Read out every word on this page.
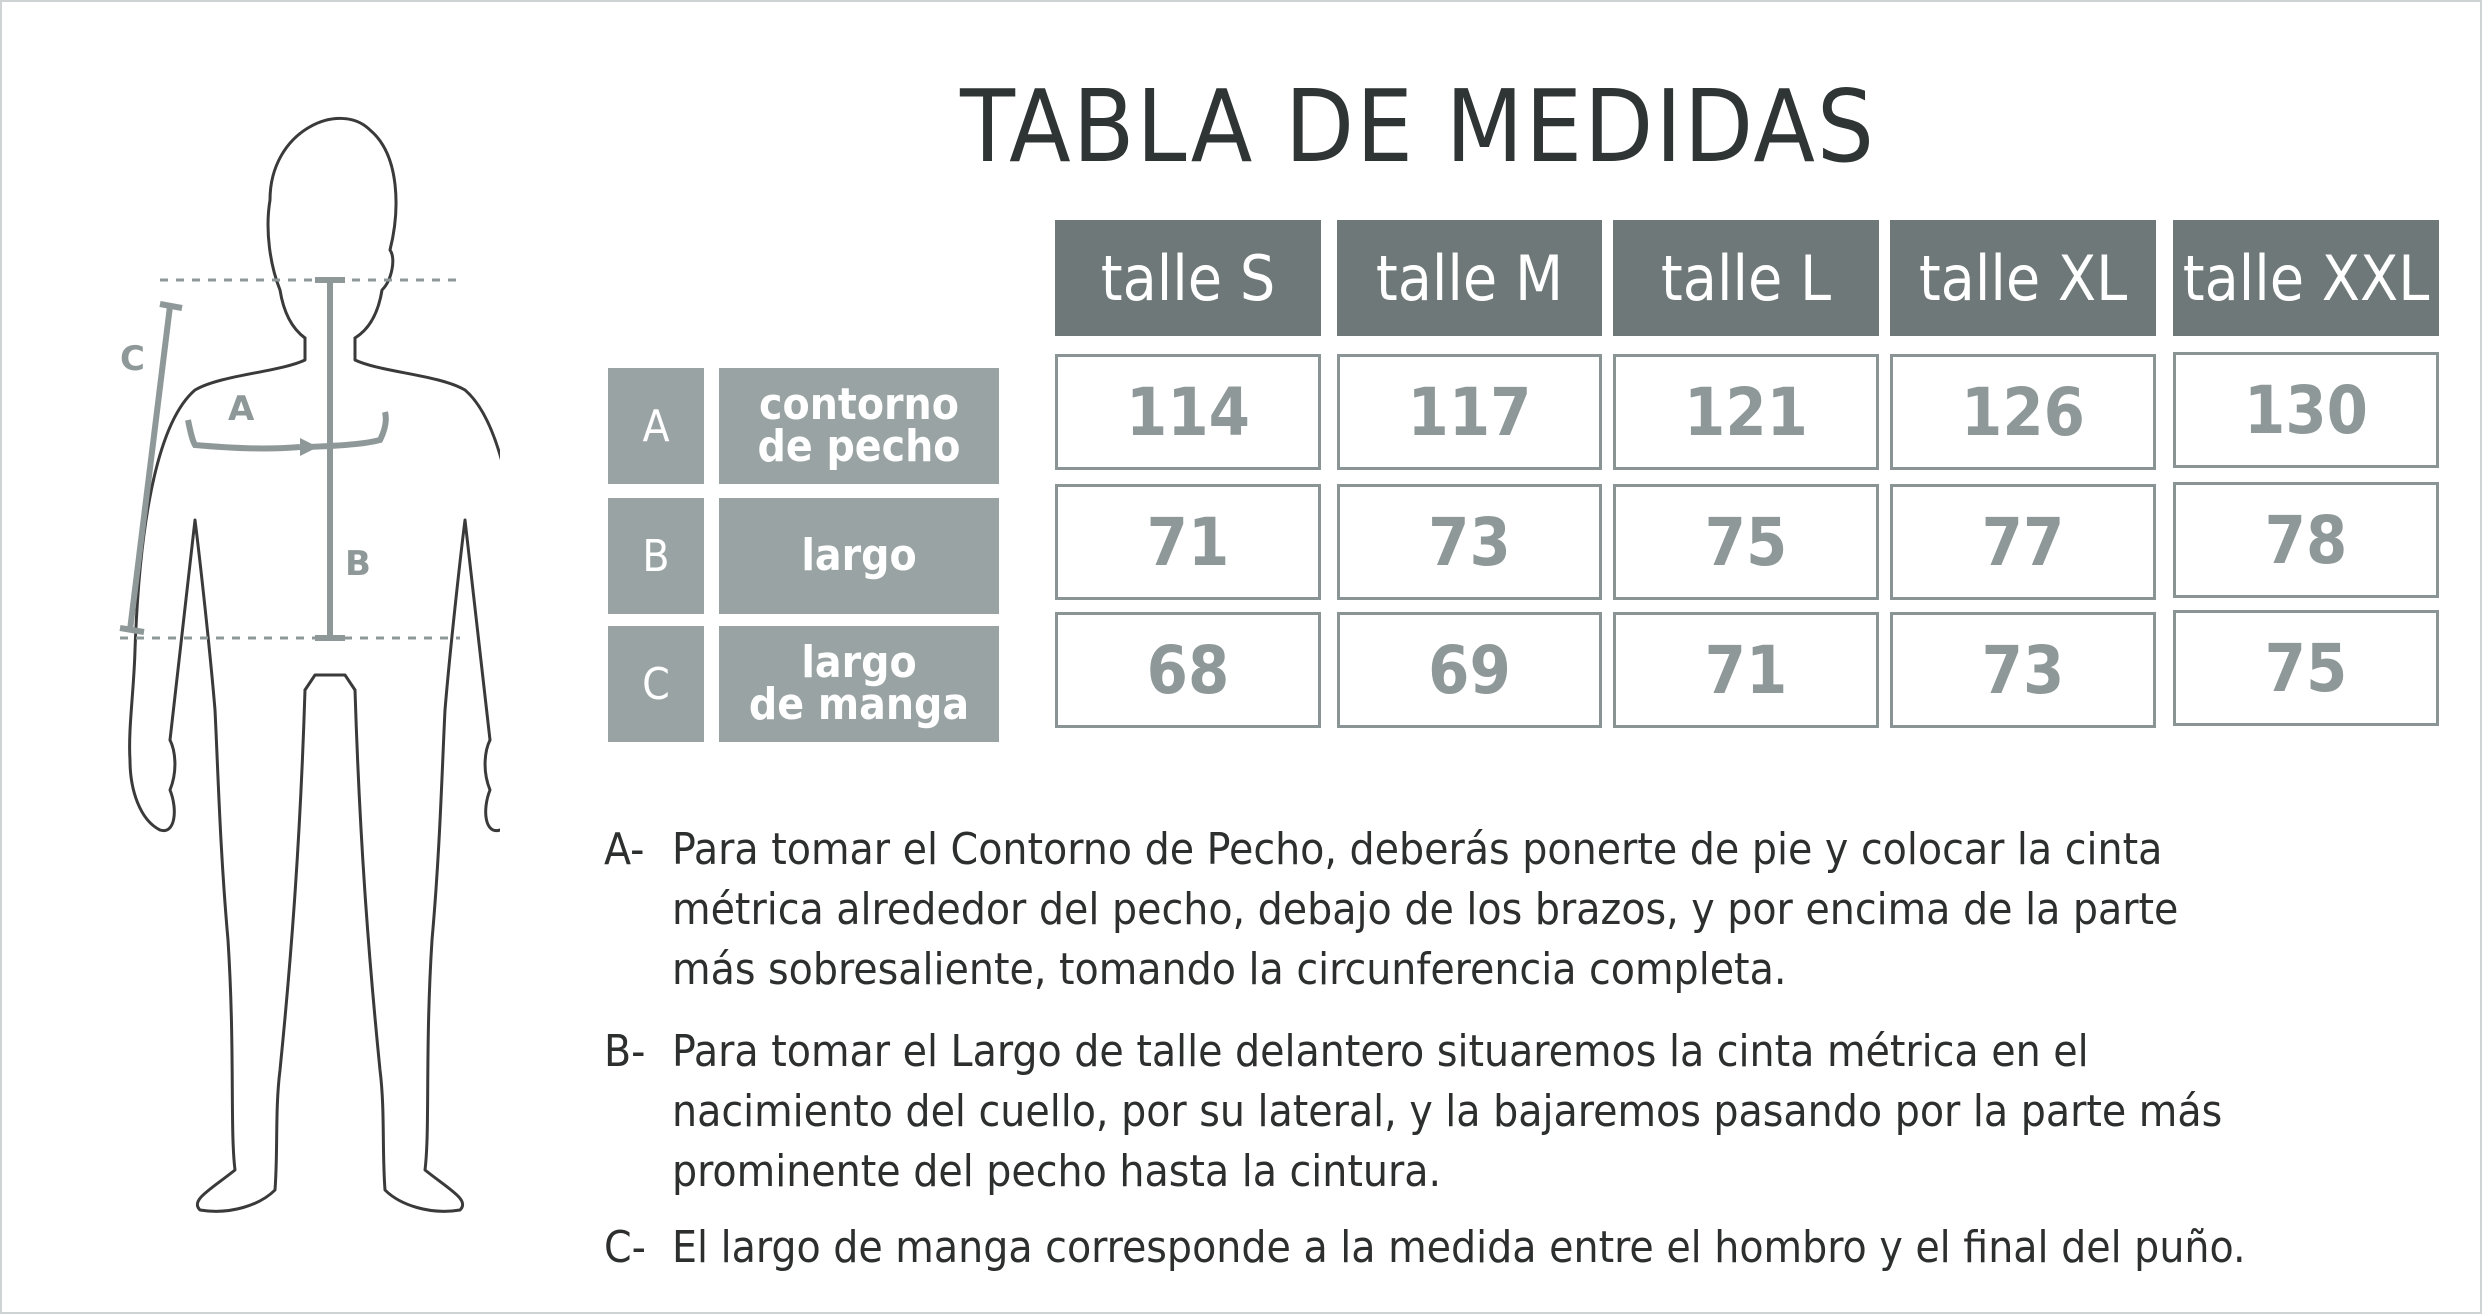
A
B
C
TABLA DE MEDIDAS
talle S	talle M	talle L	talle XL talle XXL
A	contorno
de pecho
B	largo
C	largo
de manga
114	117	121	126	130
71	73	75	77	78
68	69	71	73	75
A- Para tomar el Contorno de Pecho, deberás ponerte de pie y colocar la cinta
métrica alrededor del pecho, debajo de los brazos, y por encima de la parte
más sobresaliente, tomando la circunferencia completa.
B- Para tomar el Largo de talle delantero situaremos la cinta métrica en el
nacimiento del cuello, por su lateral, y la bajaremos pasando por la parte más
prominente del pecho hasta la cintura.
C- El largo de manga corresponde a la medida entre el hombro y el final del puño.
